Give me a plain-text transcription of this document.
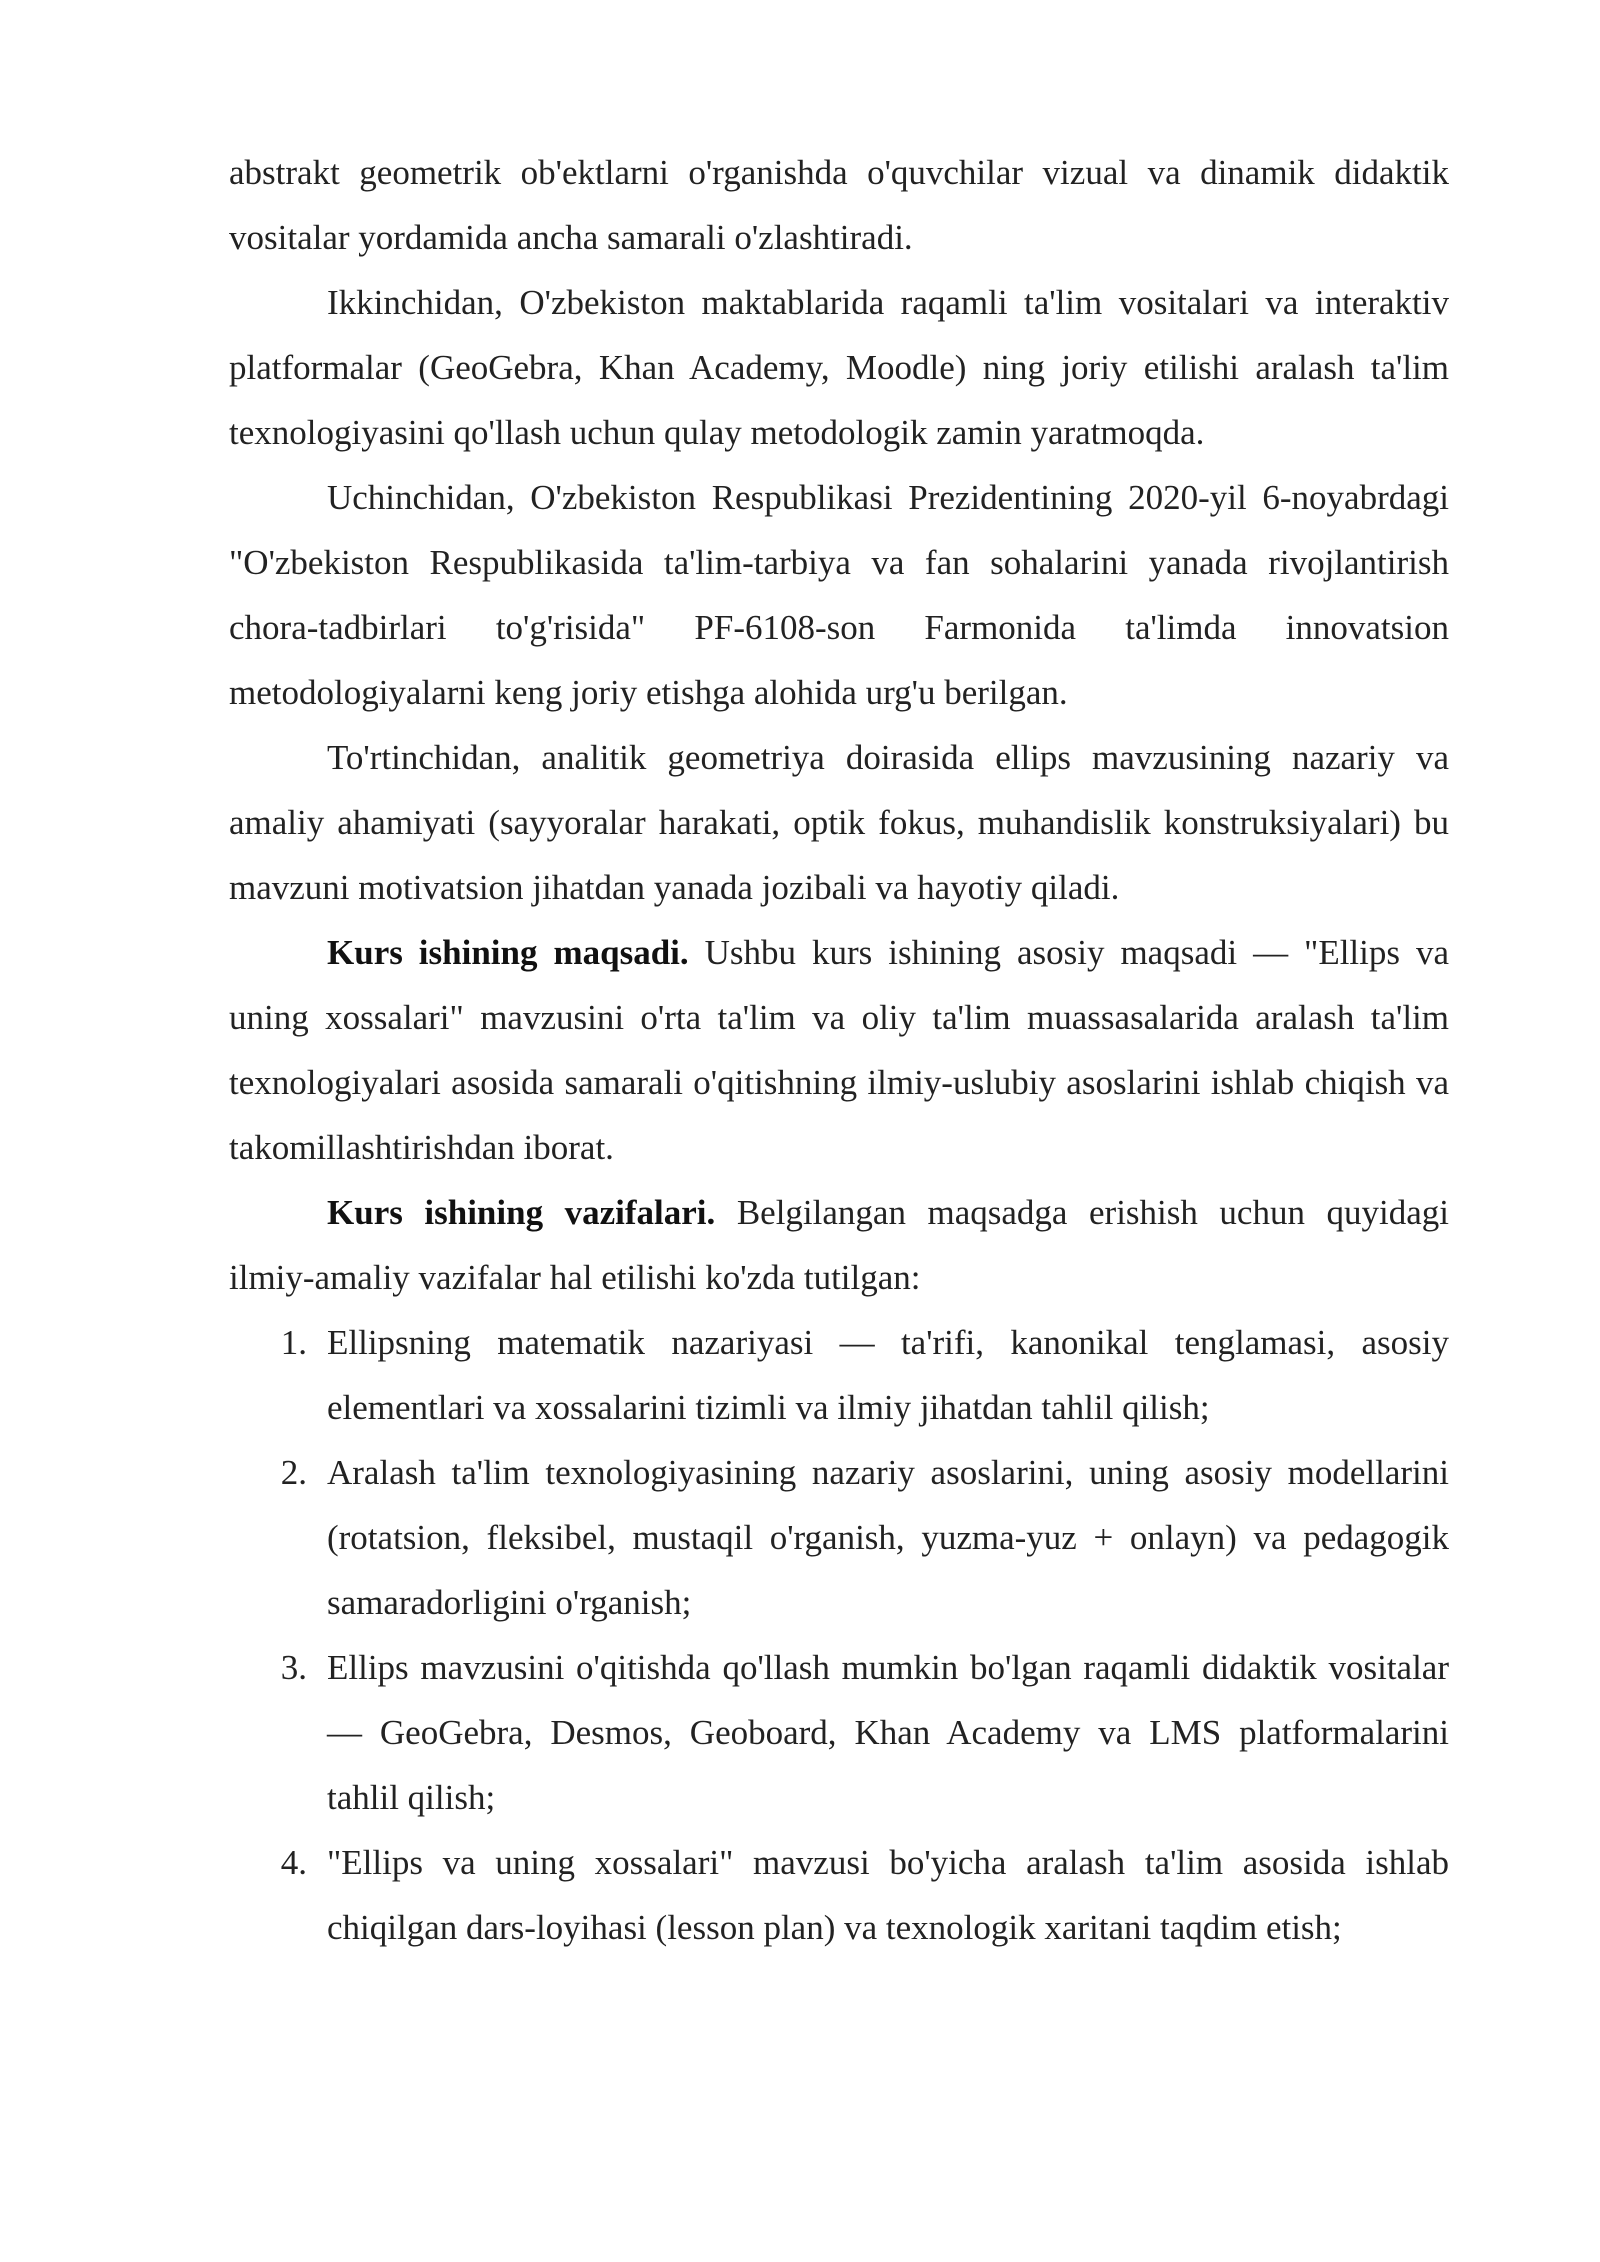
abstrakt geometrik ob'ektlarni o'rganishda o'quvchilar vizual va dinamik didaktik vositalar yordamida ancha samarali o'zlashtiradi.

Ikkinchidan, O'zbekiston maktablarida raqamli ta'lim vositalari va interaktiv platformalar (GeoGebra, Khan Academy, Moodle) ning joriy etilishi aralash ta'lim texnologiyasini qo'llash uchun qulay metodologik zamin yaratmoqda.

Uchinchidan, O'zbekiston Respublikasi Prezidentining 2020-yil 6-noyabrdagi "O'zbekiston Respublikasida ta'lim-tarbiya va fan sohalarini yanada rivojlantirish chora-tadbirlari to'g'risida" PF-6108-son Farmonida ta'limda innovatsion metodologiyalarni keng joriy etishga alohida urg'u berilgan.

To'rtinchidan, analitik geometriya doirasida ellips mavzusining nazariy va amaliy ahamiyati (sayyoralar harakati, optik fokus, muhandislik konstruksiyalari) bu mavzuni motivatsion jihatdan yanada jozibali va hayotiy qiladi.

Kurs ishining maqsadi. Ushbu kurs ishining asosiy maqsadi — "Ellips va uning xossalari" mavzusini o'rta ta'lim va oliy ta'lim muassasalarida aralash ta'lim texnologiyalari asosida samarali o'qitishning ilmiy-uslubiy asoslarini ishlab chiqish va takomillashtirishdan iborat.

Kurs ishining vazifalari. Belgilangan maqsadga erishish uchun quyidagi ilmiy-amaliy vazifalar hal etilishi ko'zda tutilgan:

1. Ellipsning matematik nazariyasi — ta'rifi, kanonikal tenglamasi, asosiy elementlari va xossalarini tizimli va ilmiy jihatdan tahlil qilish;
2. Aralash ta'lim texnologiyasining nazariy asoslarini, uning asosiy modellarini (rotatsion, fleksibel, mustaqil o'rganish, yuzma-yuz + onlayn) va pedagogik samaradorligini o'rganish;
3. Ellips mavzusini o'qitishda qo'llash mumkin bo'lgan raqamli didaktik vositalar — GeoGebra, Desmos, Geoboard, Khan Academy va LMS platformalarini tahlil qilish;
4. "Ellips va uning xossalari" mavzusi bo'yicha aralash ta'lim asosida ishlab chiqilgan dars-loyihasi (lesson plan) va texnologik xaritani taqdim etish;
